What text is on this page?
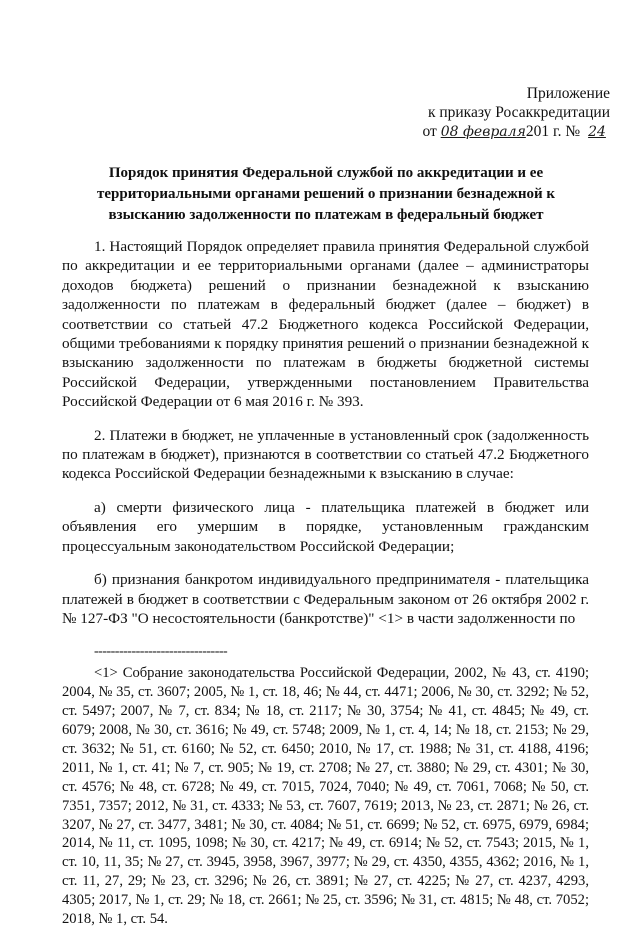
Приложение
к приказу Росаккредитации
от 08 февраля201 г. № 24
Порядок принятия Федеральной службой по аккредитации и ее территориальными органами решений о признании безнадежной к взысканию задолженности по платежам в федеральный бюджет

1. Настоящий Порядок определяет правила принятия Федеральной службой по аккредитации и ее территориальными органами (далее – администраторы доходов бюджета) решений о признании безнадежной к взысканию задолженности по платежам в федеральный бюджет (далее – бюджет) в соответствии со статьей 47.2 Бюджетного кодекса Российской Федерации, общими требованиями к порядку принятия решений о признании безнадежной к взысканию задолженности по платежам в бюджеты бюджетной системы Российской Федерации, утвержденными постановлением Правительства Российской Федерации от 6 мая 2016 г. № 393.

2. Платежи в бюджет, не уплаченные в установленный срок (задолженность по платежам в бюджет), признаются в соответствии со статьей 47.2 Бюджетного кодекса Российской Федерации безнадежными к взысканию в случае:

а) смерти физического лица - плательщика платежей в бюджет или объявления его умершим в порядке, установленным гражданским процессуальным законодательством Российской Федерации;

б) признания банкротом индивидуального предпринимателя - плательщика платежей в бюджет в соответствии с Федеральным законом от 26 октября 2002 г. № 127-ФЗ "О несостоятельности (банкротстве)" <1> в части задолженности по

--------------------------------

<1> Собрание законодательства Российской Федерации, 2002, № 43, ст. 4190; 2004, № 35, ст. 3607; 2005, № 1, ст. 18, 46; № 44, ст. 4471; 2006, № 30, ст. 3292; № 52, ст. 5497; 2007, № 7, ст. 834; № 18, ст. 2117; № 30, 3754; № 41, ст. 4845; № 49, ст. 6079; 2008, № 30, ст. 3616; № 49, ст. 5748; 2009, № 1, ст. 4, 14; № 18, ст. 2153; № 29, ст. 3632; № 51, ст. 6160; № 52, ст. 6450; 2010, № 17, ст. 1988; № 31, ст. 4188, 4196; 2011, № 1, ст. 41; № 7, ст. 905; № 19, ст. 2708; № 27, ст. 3880; № 29, ст. 4301; № 30, ст. 4576; № 48, ст. 6728; № 49, ст. 7015, 7024, 7040; № 49, ст. 7061, 7068; № 50, ст. 7351, 7357; 2012, № 31, ст. 4333; № 53, ст. 7607, 7619; 2013, № 23, ст. 2871; № 26, ст. 3207, № 27, ст. 3477, 3481; № 30, ст. 4084; № 51, ст. 6699; № 52, ст. 6975, 6979, 6984; 2014, № 11, ст. 1095, 1098; № 30, ст. 4217; № 49, ст. 6914; № 52, ст. 7543; 2015, № 1, ст. 10, 11, 35; № 27, ст. 3945, 3958, 3967, 3977; № 29, ст. 4350, 4355, 4362; 2016, № 1, ст. 11, 27, 29; № 23, ст. 3296; № 26, ст. 3891; № 27, ст. 4225; № 27, ст. 4237, 4293, 4305; 2017, № 1, ст. 29; № 18, ст. 2661; № 25, ст. 3596; № 31, ст. 4815; № 48, ст. 7052; 2018, № 1, ст. 54.
